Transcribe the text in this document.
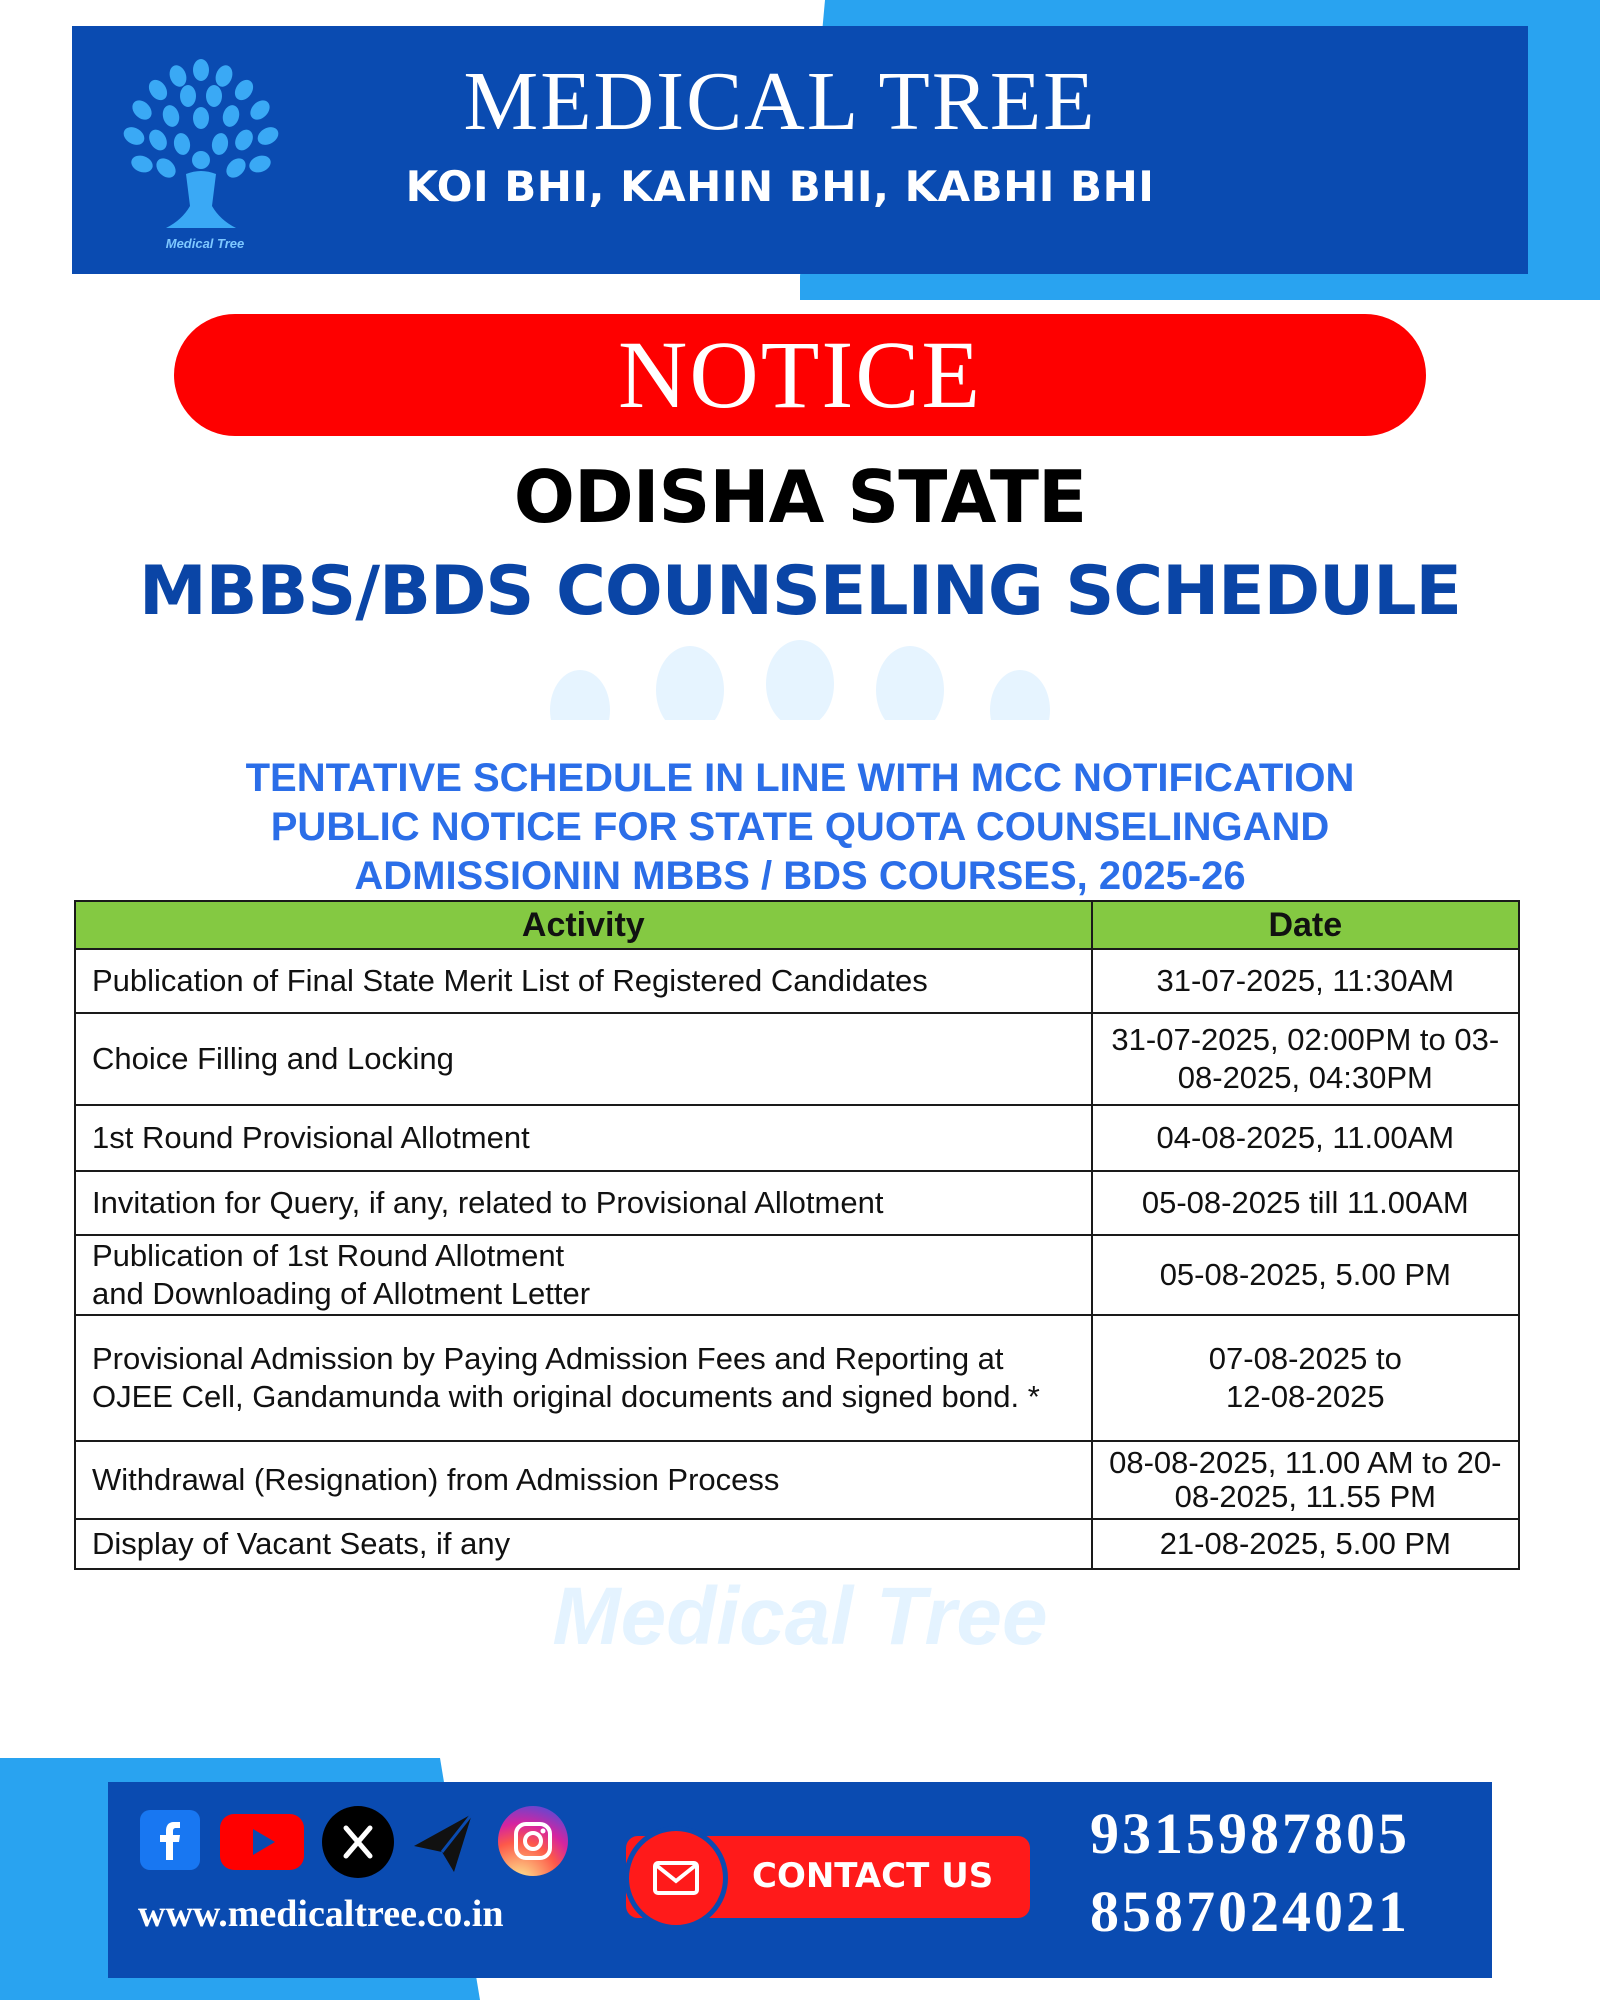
Medical Tree
MEDICAL TREE
KOI BHI, KAHIN BHI, KABHI BHI
NOTICE
ODISHA STATE
MBBS/BDS COUNSELING SCHEDULE
TENTATIVE SCHEDULE IN LINE WITH MCC NOTIFICATION
PUBLIC NOTICE FOR STATE QUOTA COUNSELINGAND
ADMISSIONIN MBBS / BDS COURSES, 2025-26
Activity	Date
Publication of Final State Merit List of Registered Candidates	31-07-2025, 11:30AM
Choice Filling and Locking	31-07-2025, 02:00PM to 03-08-2025, 04:30PM
1st Round Provisional Allotment	04-08-2025, 11.00AM
Invitation for Query, if any, related to Provisional Allotment	05-08-2025 till 11.00AM
Publication of 1st Round Allotment and Downloading of Allotment Letter	05-08-2025, 5.00 PM
Provisional Admission by Paying Admission Fees and Reporting at OJEE Cell, Gandamunda with original documents and signed bond. *	07-08-2025 to 12-08-2025
Withdrawal (Resignation) from Admission Process	08-08-2025, 11.00 AM to 20-08-2025, 11.55 PM
Display of Vacant Seats, if any	21-08-2025, 5.00 PM
Medical Tree
www.medicaltree.co.in
CONTACT US
9315987805
8587024021
